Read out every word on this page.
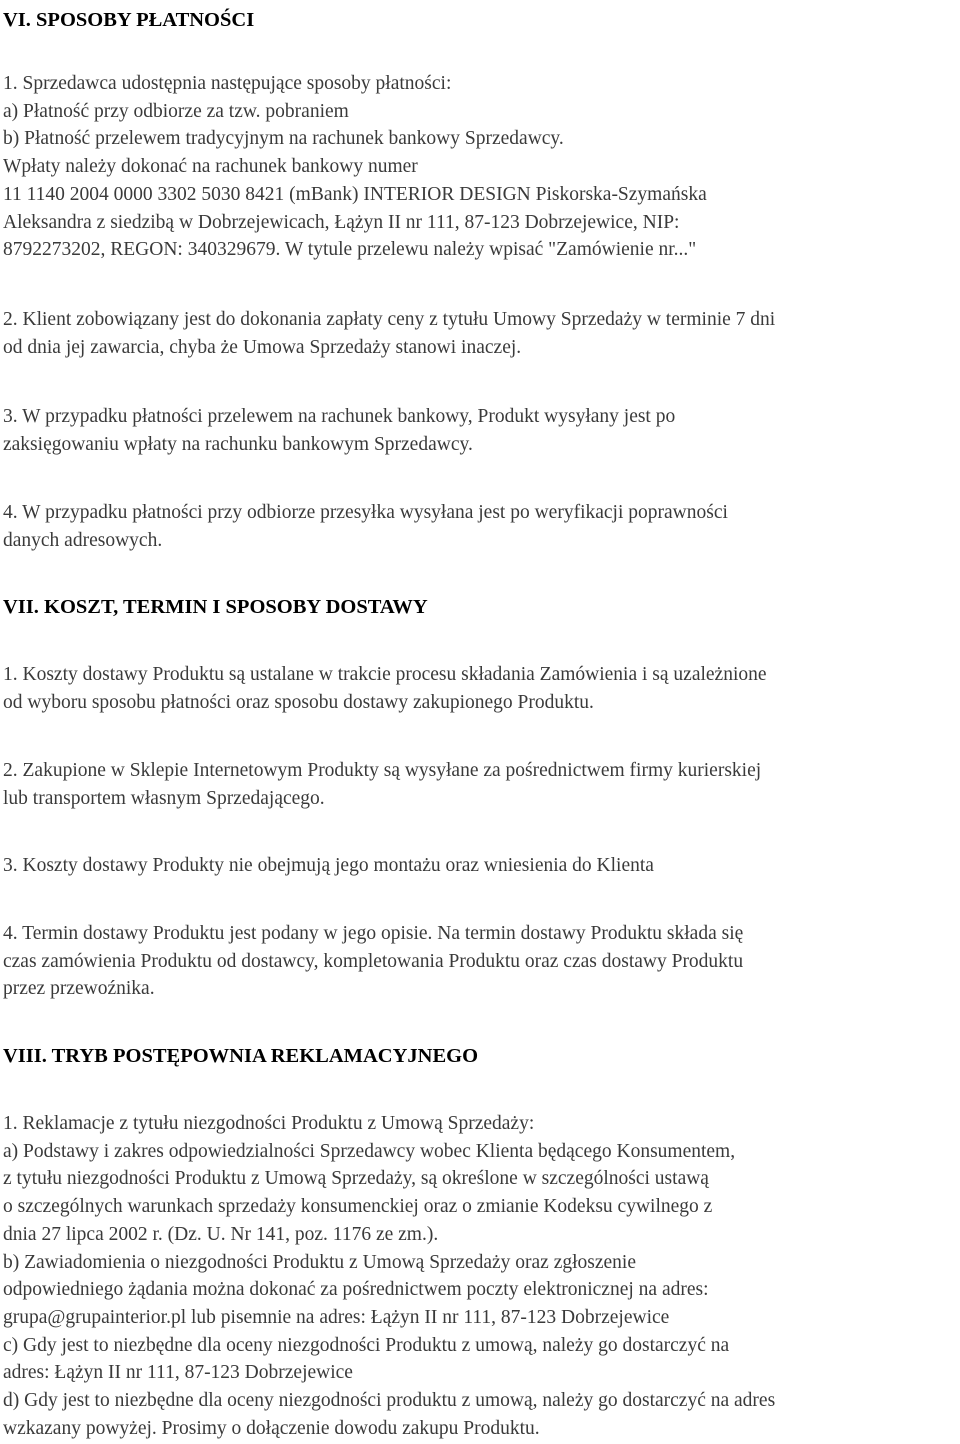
VI. SPOSOBY PŁATNOŚCI

1. Sprzedawca udostępnia następujące sposoby płatności:

a) Płatność przy odbiorze za tzw. pobraniem

b) Płatność przelewem tradycyjnym na rachunek bankowy Sprzedawcy.

Wpłaty należy dokonać na rachunek bankowy numer

11 1140 2004 0000 3302 5030 8421 (mBank) INTERIOR DESIGN Piskorska-Szymańska

Aleksandra z siedzibą w Dobrzejewicach, Łążyn II nr 111, 87-123 Dobrzejewice, NIP:

8792273202, REGON: 340329679. W tytule przelewu należy wpisać "Zamówienie nr..."

2. Klient zobowiązany jest do dokonania zapłaty ceny z tytułu Umowy Sprzedaży w terminie 7 dni

od dnia jej zawarcia, chyba że Umowa Sprzedaży stanowi inaczej.

3. W przypadku płatności przelewem na rachunek bankowy, Produkt wysyłany jest po

zaksięgowaniu wpłaty na rachunku bankowym Sprzedawcy.

4. W przypadku płatności przy odbiorze przesyłka wysyłana jest po weryfikacji poprawności

danych adresowych.

VII. KOSZT, TERMIN I SPOSOBY DOSTAWY

1. Koszty dostawy Produktu są ustalane w trakcie procesu składania Zamówienia i są uzależnione

od wyboru sposobu płatności oraz sposobu dostawy zakupionego Produktu.

2. Zakupione w Sklepie Internetowym Produkty są wysyłane za pośrednictwem firmy kurierskiej

lub transportem własnym Sprzedającego.

3. Koszty dostawy Produkty nie obejmują jego montażu oraz wniesienia do Klienta

4. Termin dostawy Produktu jest podany w jego opisie. Na termin dostawy Produktu składa się

czas zamówienia Produktu od dostawcy, kompletowania Produktu oraz czas dostawy Produktu

przez przewoźnika.

VIII. TRYB POSTĘPOWNIA REKLAMACYJNEGO

1. Reklamacje z tytułu niezgodności Produktu z Umową Sprzedaży:

a) Podstawy i zakres odpowiedzialności Sprzedawcy wobec Klienta będącego Konsumentem,

z tytułu niezgodności Produktu z Umową Sprzedaży, są określone w szczególności ustawą

o szczególnych warunkach sprzedaży konsumenckiej oraz o zmianie Kodeksu cywilnego z

dnia 27 lipca 2002 r. (Dz. U. Nr 141, poz. 1176 ze zm.).

b) Zawiadomienia o niezgodności Produktu z Umową Sprzedaży oraz zgłoszenie

odpowiedniego żądania można dokonać za pośrednictwem poczty elektronicznej na adres:

grupa@grupainterior.pl lub pisemnie na adres: Łążyn II nr 111, 87-123 Dobrzejewice

c) Gdy jest to niezbędne dla oceny niezgodności Produktu z umową, należy go dostarczyć na

adres: Łążyn II nr 111, 87-123 Dobrzejewice

d) Gdy jest to niezbędne dla oceny niezgodności produktu z umową, należy go dostarczyć na adres

wzkazany powyżej. Prosimy o dołączenie dowodu zakupu Produktu.
